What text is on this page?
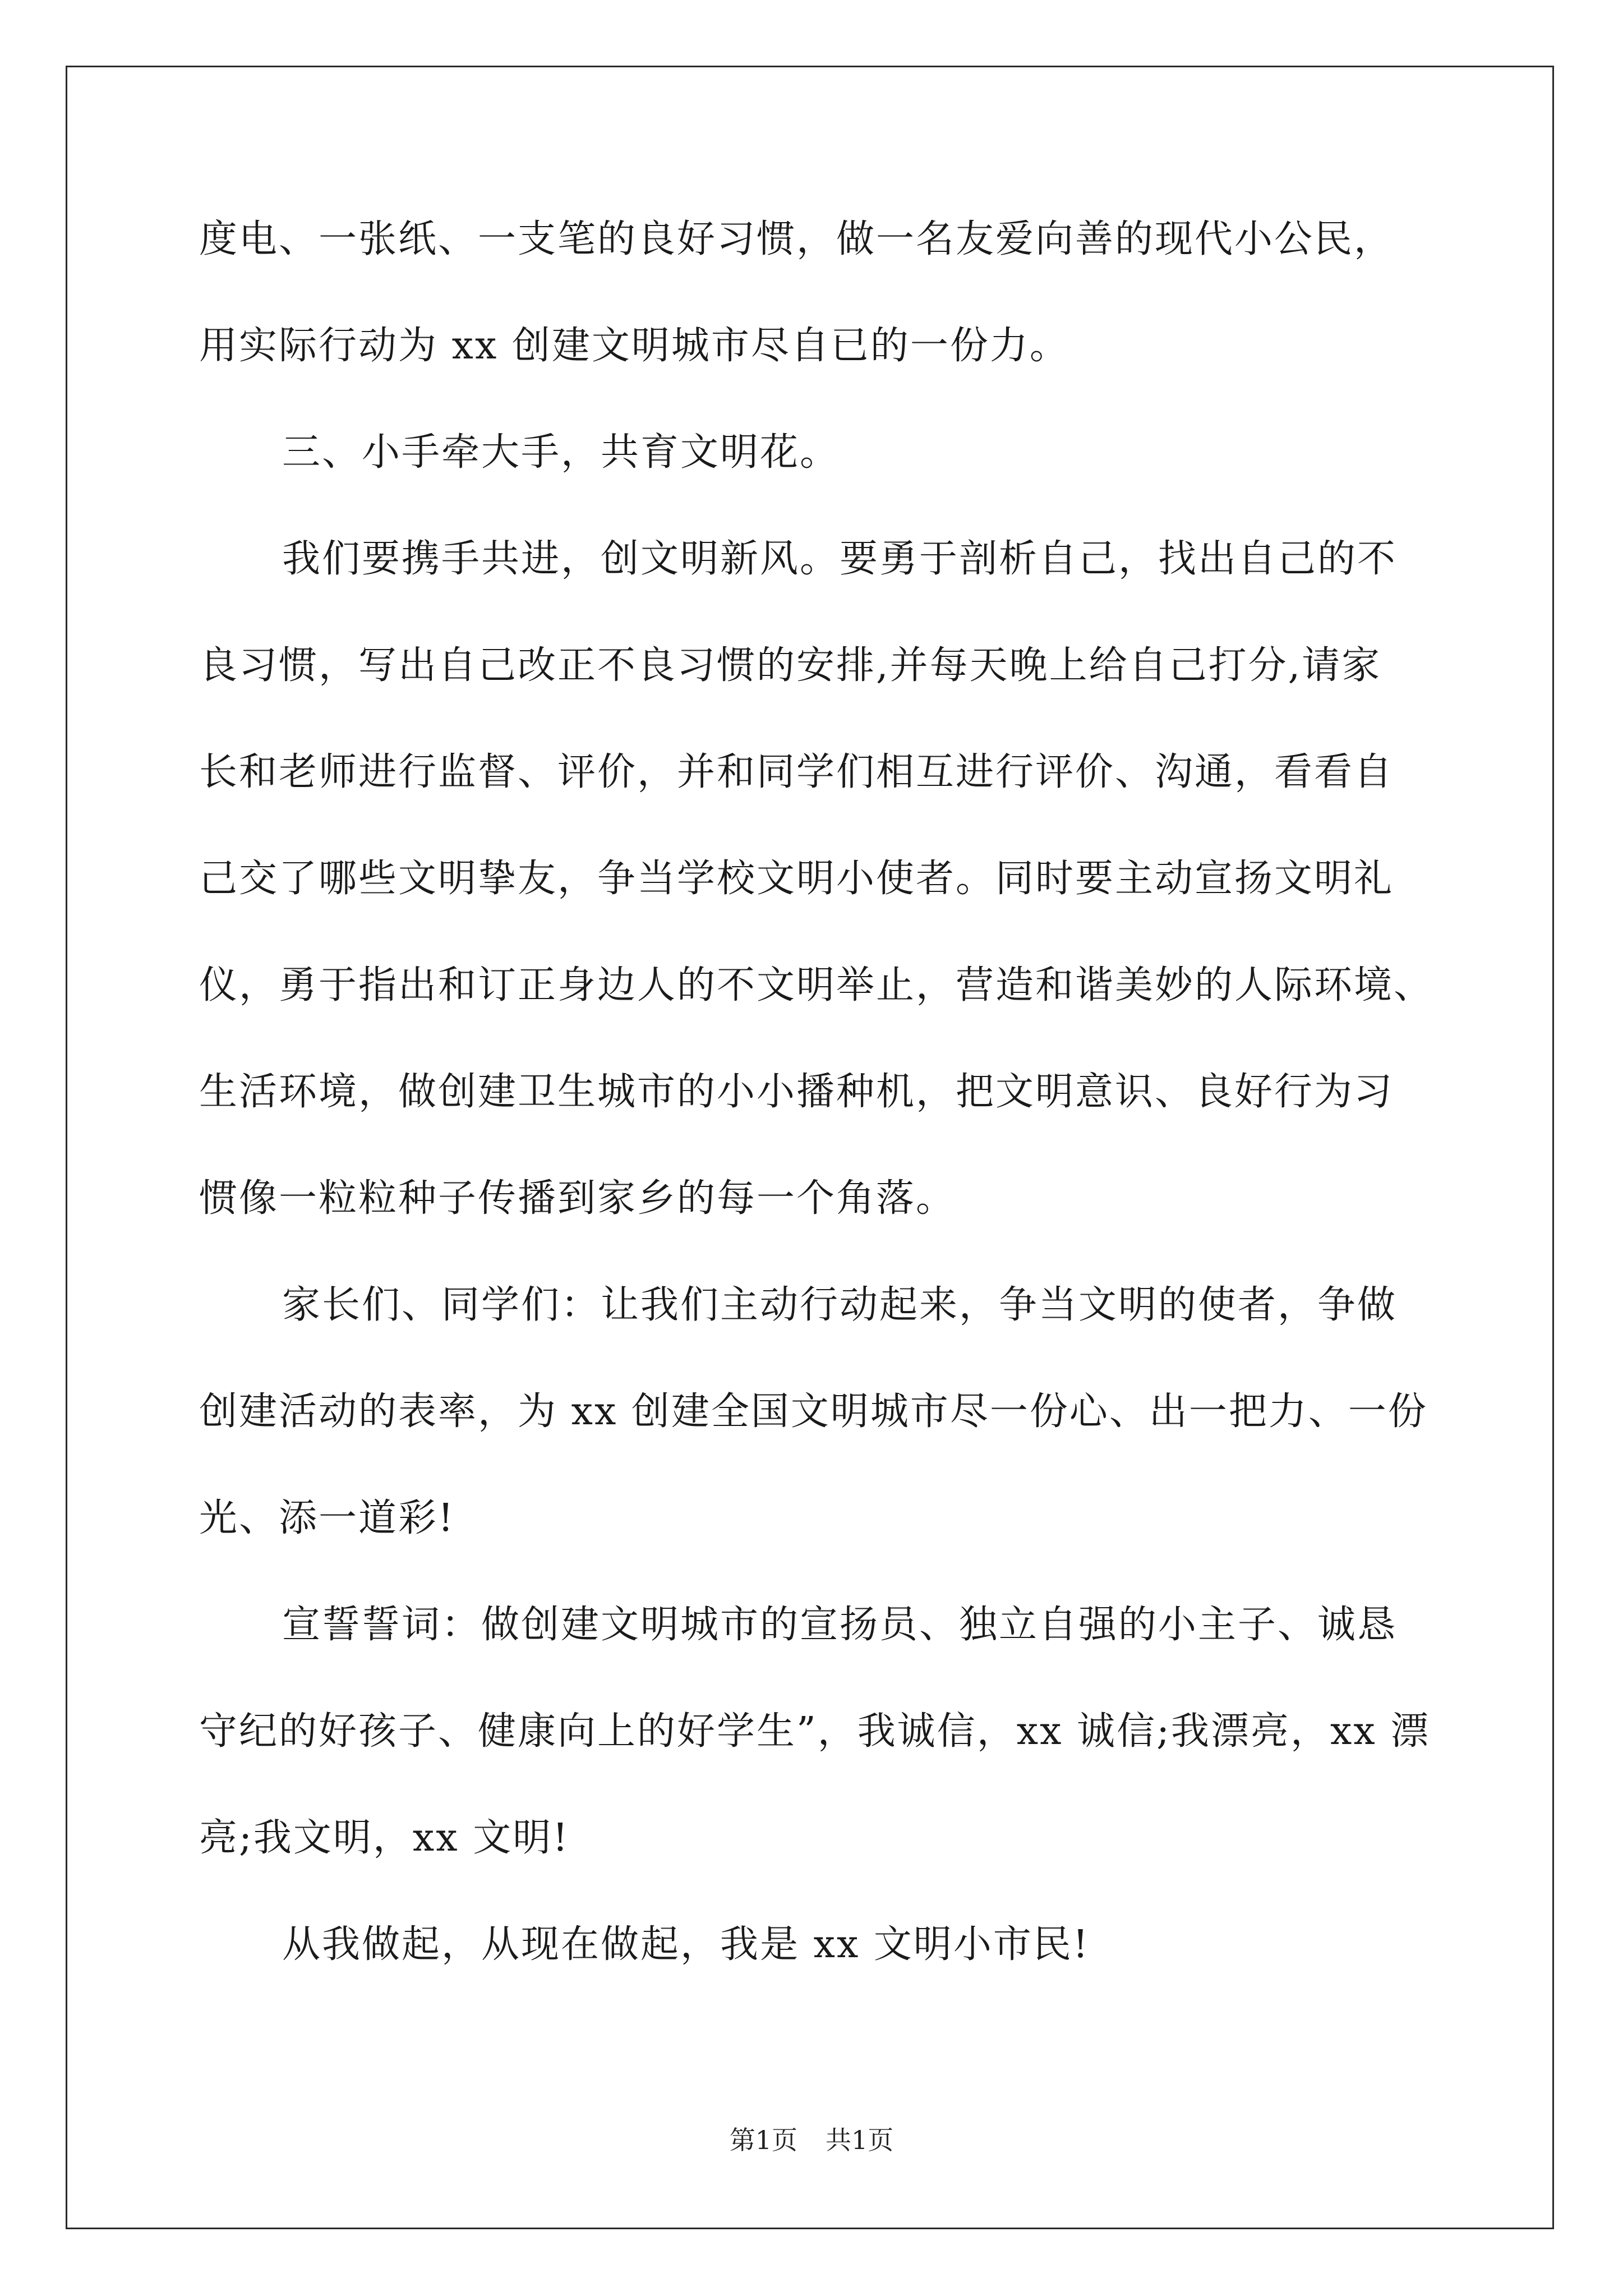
度电、一张纸、一支笔的良好习惯，做一名友爱向善的现代小公民，
用实际行动为 xx 创建文明城市尽自已的一份力。
三、小手牵大手，共育文明花。
我们要携手共进，创文明新风。要勇于剖析自己，找出自己的不
良习惯，写出自己改正不良习惯的安排,并每天晚上给自己打分,请家
长和老师进行监督、评价，并和同学们相互进行评价、沟通，看看自
己交了哪些文明挚友，争当学校文明小使者。同时要主动宣扬文明礼
仪，勇于指出和订正身边人的不文明举止，营造和谐美妙的人际环境、
生活环境，做创建卫生城市的小小播种机，把文明意识、良好行为习
惯像一粒粒种子传播到家乡的每一个角落。
家长们、同学们：让我们主动行动起来，争当文明的使者，争做
创建活动的表率，为 xx 创建全国文明城市尽一份心、出一把力、一份
光、添一道彩!
宣誓誓词：做创建文明城市的宣扬员、独立自强的小主子、诚恳
守纪的好孩子、健康向上的好学生”，我诚信，xx 诚信;我漂亮，xx 漂
亮;我文明，xx 文明!
从我做起，从现在做起，我是 xx 文明小市民!
第1页 共1页
